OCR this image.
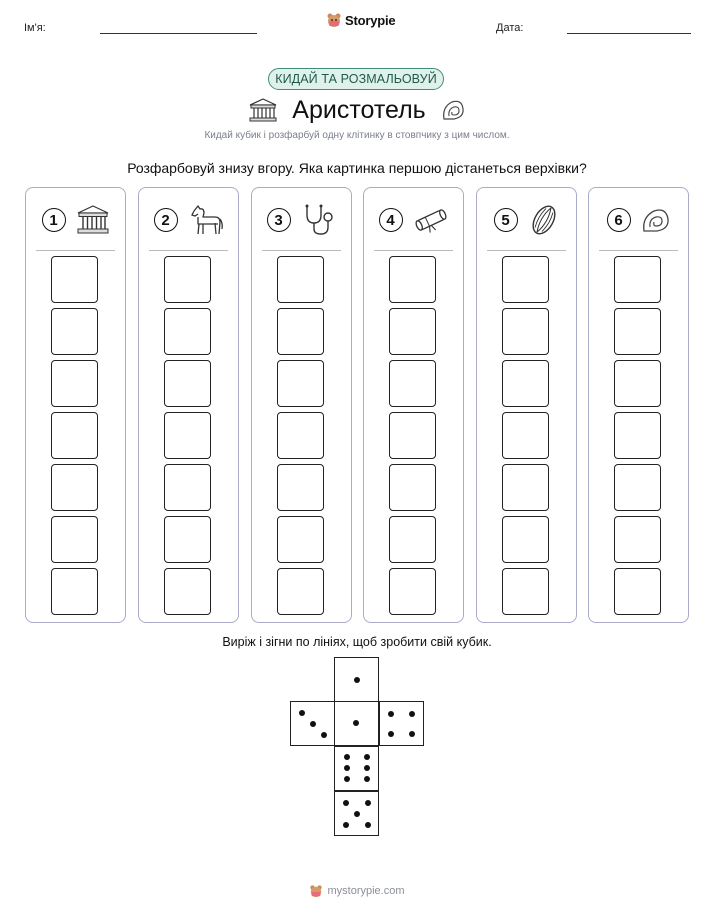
Ім'я:
Storypie
Дата:
КИДАЙ ТА РОЗМАЛЬОВУЙ
Аристотель
Кидай кубик і розфарбуй одну клітинку в стовпчику з цим числом.
Розфарбовуй знизу вгору. Яка картинка першою дістанеться верхівки?
1	2	3	4	5	6
Виріж і зігни по лініях, щоб зробити свій кубик.
mystorypie.com
